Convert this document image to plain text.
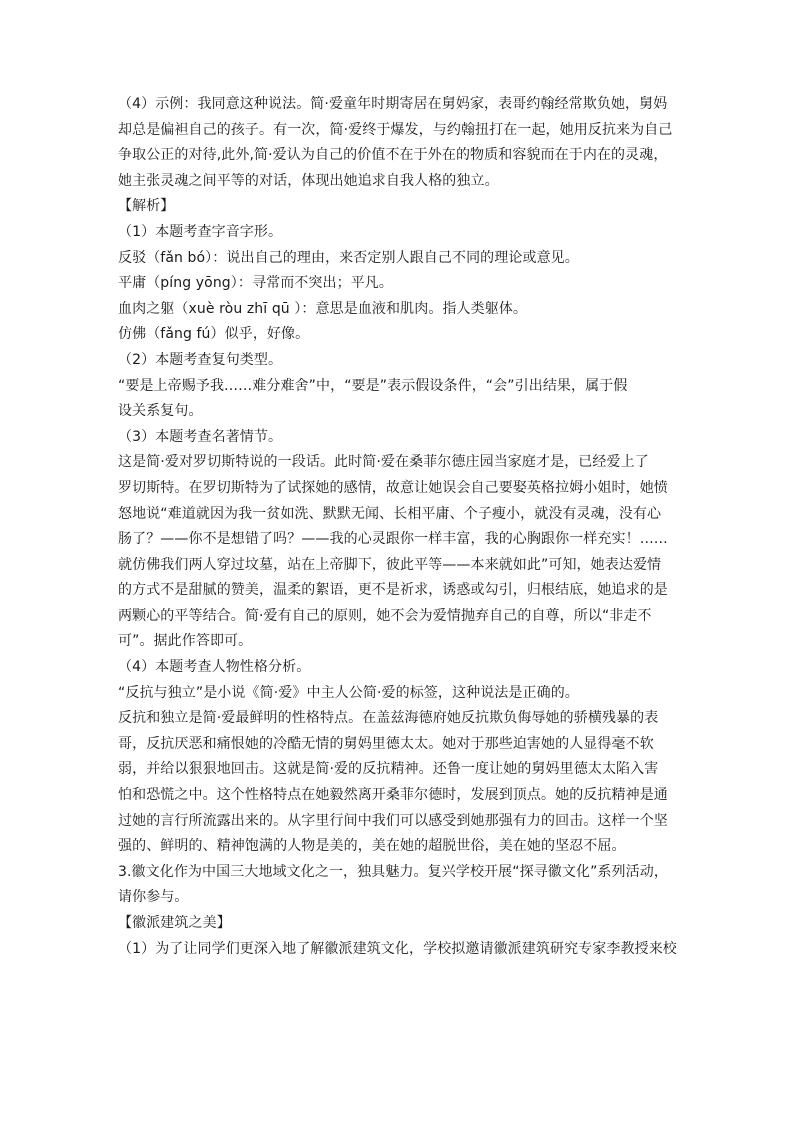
（4）示例：我同意这种说法。简·爱童年时期寄居在舅妈家，表哥约翰经常欺负她，舅妈
却总是偏袒自己的孩子。有一次，简·爱终于爆发，与约翰扭打在一起，她用反抗来为自己
争取公正的对待,此外,简·爱认为自己的价值不在于外在的物质和容貌而在于内在的灵魂，
她主张灵魂之间平等的对话，体现出她追求自我人格的独立。
【解析】
（1）本题考查字音字形。
反驳（fǎn bó）：说出自己的理由，来否定别人跟自己不同的理论或意见。
平庸（píng yōng）：寻常而不突出；平凡。
血肉之躯（xuè ròu zhī qū ）：意思是血液和肌肉。指人类躯体。
仿佛（fǎng fú）似乎，好像。
（2）本题考查复句类型。
“要是上帝赐予我……难分难舍”中，“要是”表示假设条件，“会”引出结果，属于假
设关系复句。
（3）本题考查名著情节。
这是简·爱对罗切斯特说的一段话。此时简·爱在桑菲尔德庄园当家庭才是，已经爱上了
罗切斯特。在罗切斯特为了试探她的感情，故意让她误会自己要娶英格拉姆小姐时，她愤
怒地说“难道就因为我一贫如洗、默默无闻、长相平庸、个子瘦小，就没有灵魂，没有心
肠了？——你不是想错了吗？——我的心灵跟你一样丰富，我的心胸跟你一样充实！……
就仿佛我们两人穿过坟墓，站在上帝脚下，彼此平等——本来就如此”可知，她表达爱情
的方式不是甜腻的赞美，温柔的絮语，更不是祈求，诱惑或勾引，归根结底，她追求的是
两颗心的平等结合。简·爱有自己的原则，她不会为爱情抛弃自己的自尊，所以“非走不
可”。据此作答即可。
（4）本题考查人物性格分析。
“反抗与独立”是小说《简·爱》中主人公简·爱的标签，这种说法是正确的。
反抗和独立是简·爱最鲜明的性格特点。在盖兹海德府她反抗欺负侮辱她的骄横残暴的表
哥，反抗厌恶和痛恨她的冷酷无情的舅妈里德太太。她对于那些迫害她的人显得毫不软
弱，并给以狠狠地回击。这就是简·爱的反抗精神。还鲁一度让她的舅妈里德太太陷入害
怕和恐慌之中。这个性格特点在她毅然离开桑菲尔德时，发展到顶点。她的反抗精神是通
过她的言行所流露出来的。从字里行间中我们可以感受到她那强有力的回击。这样一个坚
强的、鲜明的、精神饱满的人物是美的，美在她的超脱世俗，美在她的坚忍不屈。
3.徽文化作为中国三大地域文化之一，独具魅力。复兴学校开展“探寻徽文化”系列活动，
请你参与。
【徽派建筑之美】
（1）为了让同学们更深入地了解徽派建筑文化，学校拟邀请徽派建筑研究专家李教授来校
